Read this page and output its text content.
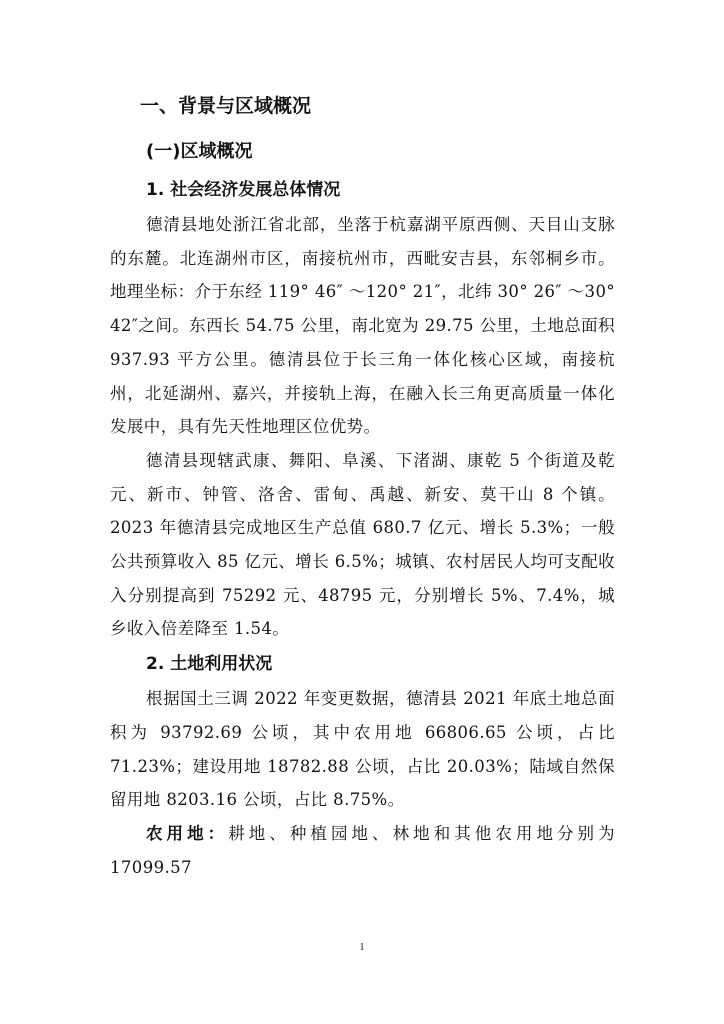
一、背景与区域概况
(一)区域概况
1. 社会经济发展总体情况

德清县地处浙江省北部，坐落于杭嘉湖平原西侧、天目山支脉的东麓。北连湖州市区，南接杭州市，西毗安吉县，东邻桐乡市。地理坐标：介于东经 119° 46″ ～120° 21″，北纬 30° 26″ ～30° 42″之间。东西长 54.75 公里，南北宽为 29.75 公里，土地总面积 937.93 平方公里。德清县位于长三角一体化核心区域，南接杭州，北延湖州、嘉兴，并接轨上海，在融入长三角更高质量一体化发展中，具有先天性地理区位优势。

德清县现辖武康、舞阳、阜溪、下渚湖、康乾 5 个街道及乾元、新市、钟管、洛舍、雷甸、禹越、新安、莫干山 8 个镇。2023 年德清县完成地区生产总值 680.7 亿元、增长 5.3%；一般公共预算收入 85 亿元、增长 6.5%；城镇、农村居民人均可支配收入分别提高到 75292 元、48795 元，分别增长 5%、7.4%，城乡收入倍差降至 1.54。

2. 土地利用状况

根据国土三调 2022 年变更数据，德清县 2021 年底土地总面积为 93792.69 公顷，其中农用地 66806.65 公顷，占比 71.23%；建设用地 18782.88 公顷，占比 20.03%；陆域自然保留用地 8203.16 公顷，占比 8.75%。

农用地：耕地、种植园地、林地和其他农用地分别为 17099.57

1
